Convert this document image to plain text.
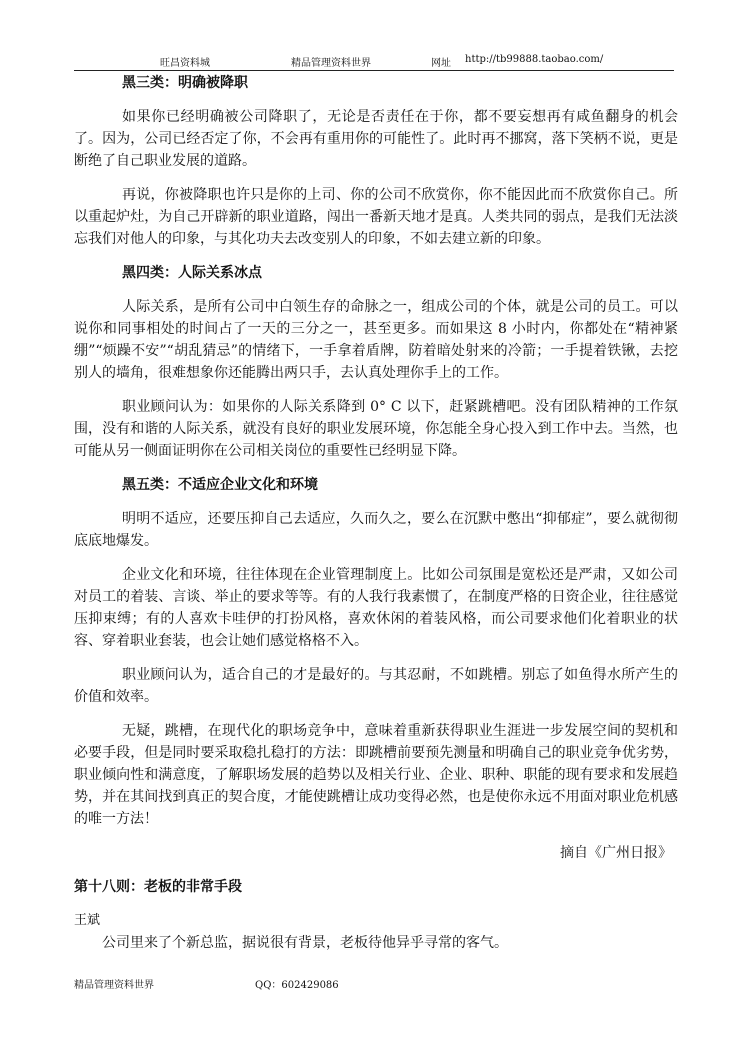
旺昌资料城	精品管理资料世界	网址 http://tb99888.taobao.com/

黑三类：明确被降职

如果你已经明确被公司降职了，无论是否责任在于你，都不要妄想再有咸鱼翻身的机会了。因为，公司已经否定了你，不会再有重用你的可能性了。此时再不挪窝，落下笑柄不说，更是断绝了自己职业发展的道路。

再说，你被降职也许只是你的上司、你的公司不欣赏你，你不能因此而不欣赏你自己。所以重起炉灶，为自己开辟新的职业道路，闯出一番新天地才是真。人类共同的弱点，是我们无法淡忘我们对他人的印象，与其化功夫去改变别人的印象，不如去建立新的印象。

黑四类：人际关系冰点

人际关系，是所有公司中白领生存的命脉之一，组成公司的个体，就是公司的员工。可以说你和同事相处的时间占了一天的三分之一，甚至更多。而如果这 8 小时内，你都处在“精神紧绷”“烦躁不安”“胡乱猜忌”的情绪下，一手拿着盾牌，防着暗处射来的冷箭；一手提着铁锹，去挖别人的墙角，很难想象你还能腾出两只手，去认真处理你手上的工作。

职业顾问认为：如果你的人际关系降到 0° C 以下，赶紧跳槽吧。没有团队精神的工作氛围，没有和谐的人际关系，就没有良好的职业发展环境，你怎能全身心投入到工作中去。当然，也可能从另一侧面证明你在公司相关岗位的重要性已经明显下降。

黑五类：不适应企业文化和环境

明明不适应，还要压抑自己去适应，久而久之，要么在沉默中憋出“抑郁症”，要么就彻彻底底地爆发。

企业文化和环境，往往体现在企业管理制度上。比如公司氛围是宽松还是严肃，又如公司对员工的着装、言谈、举止的要求等等。有的人我行我素惯了，在制度严格的日资企业，往往感觉压抑束缚；有的人喜欢卡哇伊的打扮风格，喜欢休闲的着装风格，而公司要求他们化着职业的状容、穿着职业套装，也会让她们感觉格格不入。

职业顾问认为，适合自己的才是最好的。与其忍耐，不如跳槽。别忘了如鱼得水所产生的价值和效率。

无疑，跳槽，在现代化的职场竞争中，意味着重新获得职业生涯进一步发展空间的契机和必要手段，但是同时要采取稳扎稳打的方法：即跳槽前要预先测量和明确自己的职业竞争优劣势，职业倾向性和满意度，了解职场发展的趋势以及相关行业、企业、职种、职能的现有要求和发展趋势，并在其间找到真正的契合度，才能使跳槽让成功变得必然，也是使你永远不用面对职业危机感的唯一方法！

摘自《广州日报》

第十八则：老板的非常手段

王斌

公司里来了个新总监，据说很有背景，老板待他异乎寻常的客气。

精品管理资料世界	QQ：602429086
